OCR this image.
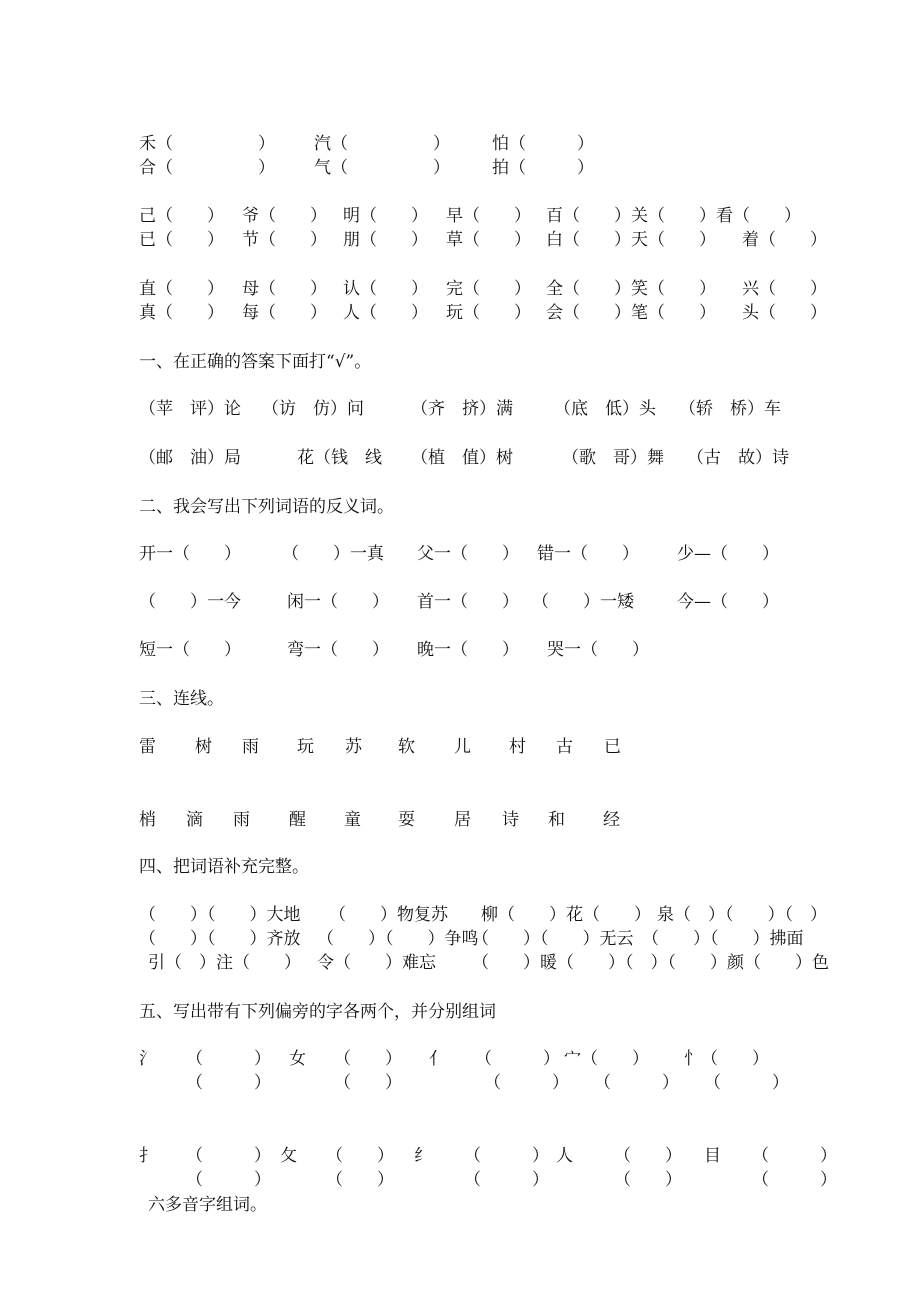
禾（　　　　　） 汽（　　　　　） 怕（　　　）
合（　　　　　） 气（　　　　　） 拍（　　　）
己（　　） 爷（　　） 明（　　） 早（　　） 百（　　）关（　　）看（　　）
已（　　） 节（　　） 朋（　　） 草（　　） 白（　　）天（　　） 着（　　）
直（　　） 母（　　） 认（　　） 完（　　） 全（　　）笑（　　） 兴（　　）
真（　　） 每（　　） 人（　　） 玩（　　） 会（　　）笔（　　） 头（　　）
一、在正确的答案下面打“√”。
（苹　评）论 （访　仿）问	（齐　挤）满 （底　低）头 （轿　桥）车
（邮　油）局	花（钱　线 （植　值）树	（歌　哥）舞 （古　故）诗
二、我会写出下列词语的反义词。
开一（　　） （　　）一真 父一（　　） 错一（　　） 少—（　　）
（　　）一今	闲一（　　） 首一（　　） （　　）一矮	今—（　　）
短一（　　）	弯一（　　） 晚一（　　） 哭一（　　）
三、连线。
雷 树 雨 玩 苏 软 儿 村 古 已
梢 滴 雨 醒 童 耍 居 诗 和 经
四、把词语补充完整。
（　　）（　　）大地 （　　）物复苏 柳（　　）花（　　） 泉（　）（　　）（　）
（　　）（　　）齐放 （　　）（　　）争鸣
（　　）（　　）无云 （　　）（　　）拂面
引（　）注（　　） 令（　　）难忘 （　　）暖（　　）（　）（　　）颜（　　）色
五、写出带有下列偏旁的字各两个，并分别组词
氵 （　　　） 女 （　　） 亻 （　　　） 宀（　　） 忄（　　）
（　　　）	（　　）	（　　　） （　　　） （　　　）
扌 （　　　） 攵 （　　） 纟 （　　　） 人 （　　） 目 （　　　）
（　　　）	（　　）	（　　　）	（　　）	（　　　）
六多音字组词。
